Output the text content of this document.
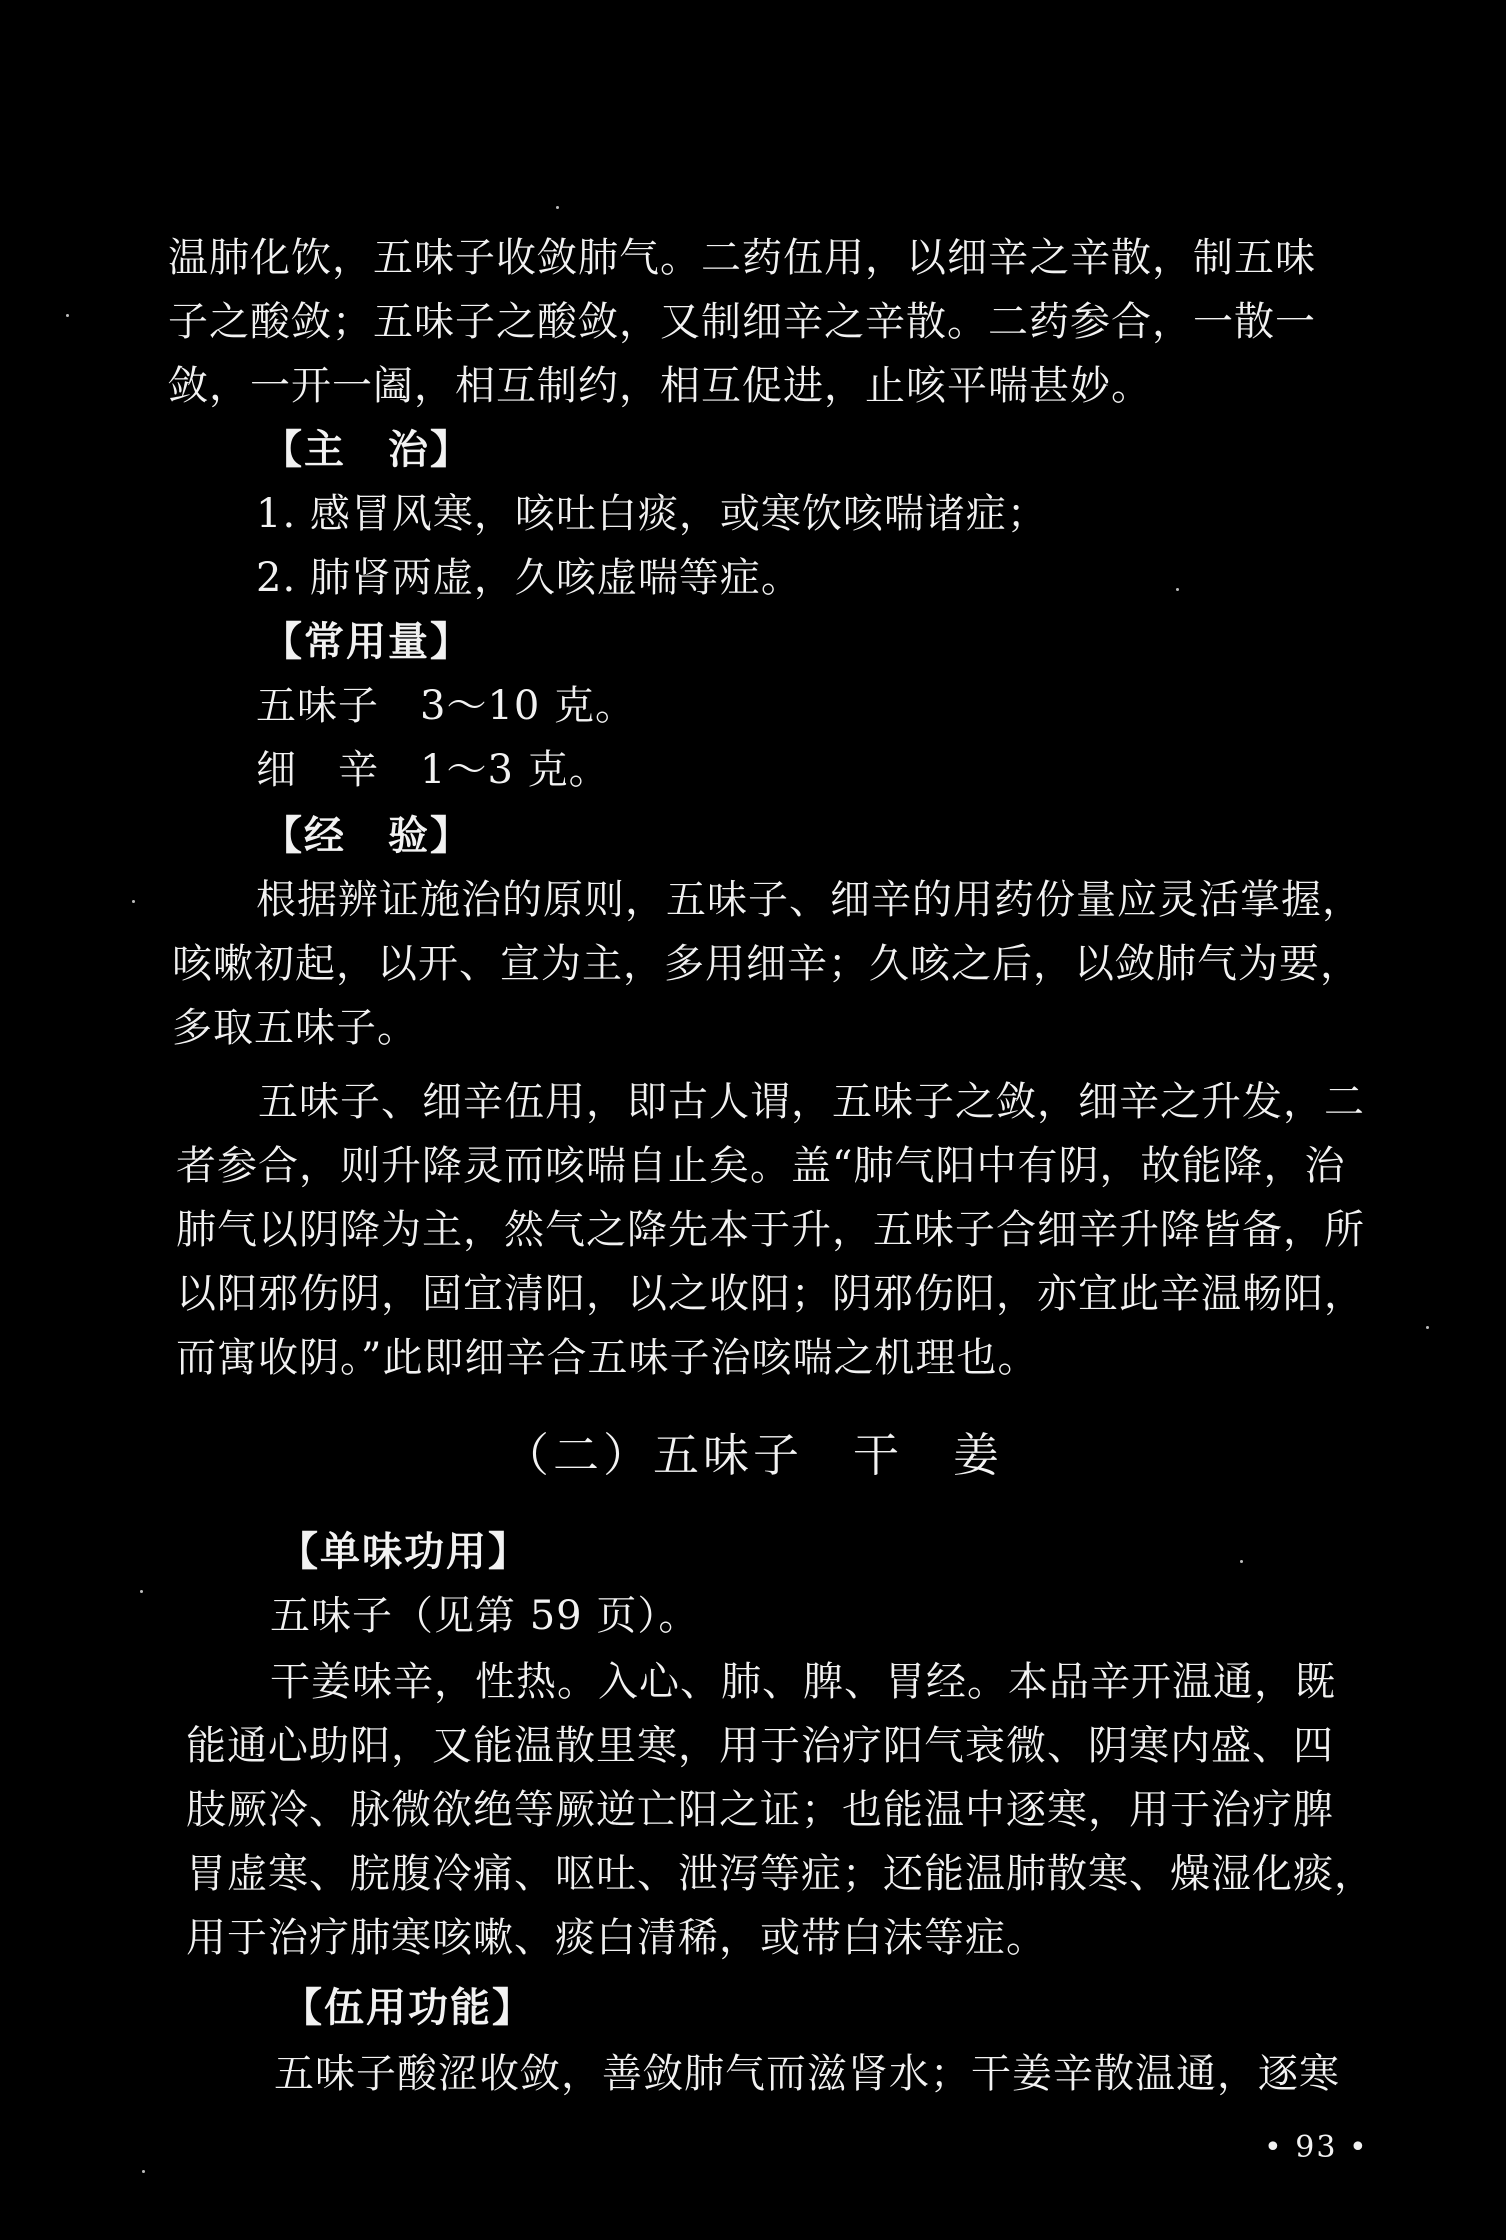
温肺化饮，五味子收敛肺气。二药伍用，以细辛之辛散，制五味
子之酸敛；五味子之酸敛，又制细辛之辛散。二药参合，一散一
敛，一开一阖，相互制约，相互促进，止咳平喘甚妙。
【主　治】
1. 感冒风寒，咳吐白痰，或寒饮咳喘诸症；
2. 肺肾两虚，久咳虚喘等症。
【常用量】
五味子　3～10 克。
细　辛　1～3 克。
【经　验】
根据辨证施治的原则，五味子、细辛的用药份量应灵活掌握，
咳嗽初起，以开、宣为主，多用细辛；久咳之后，以敛肺气为要，
多取五味子。
五味子、细辛伍用，即古人谓，五味子之敛，细辛之升发，二
者参合，则升降灵而咳喘自止矣。盖“肺气阳中有阴，故能降，治
肺气以阴降为主，然气之降先本于升，五味子合细辛升降皆备，所
以阳邪伤阴，固宜清阳，以之收阳；阴邪伤阳，亦宜此辛温畅阳，
而寓收阴。”此即细辛合五味子治咳喘之机理也。
（二）五味子　干　姜
【单味功用】
五味子（见第 59 页）。
干姜味辛，性热。入心、肺、脾、胃经。本品辛开温通，既
能通心助阳，又能温散里寒，用于治疗阳气衰微、阴寒内盛、四
肢厥冷、脉微欲绝等厥逆亡阳之证；也能温中逐寒，用于治疗脾
胃虚寒、脘腹冷痛、呕吐、泄泻等症；还能温肺散寒、燥湿化痰，
用于治疗肺寒咳嗽、痰白清稀，或带白沫等症。
【伍用功能】
五味子酸涩收敛，善敛肺气而滋肾水；干姜辛散温通，逐寒
• 93 •
